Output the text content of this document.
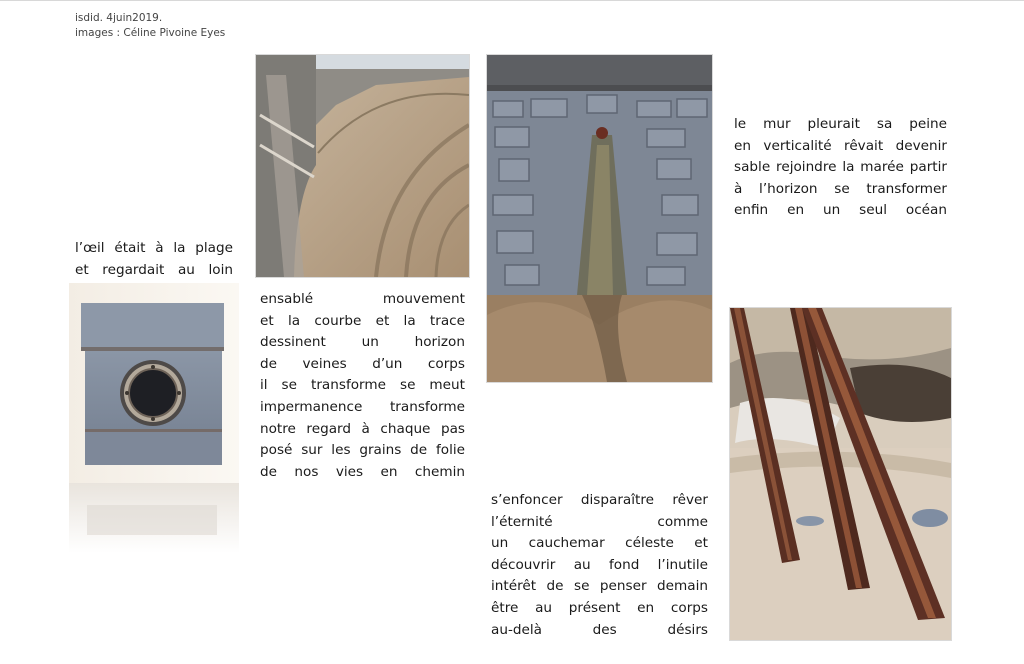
isdid. 4juin2019.
images : Céline Pivoine Eyes
l’œil était à la plage
et regardait au loin
ensablé mouvement
et la courbe et la trace
dessinent un horizon
de veines d’un corps
il se transforme se meut
impermanence transforme
notre regard à chaque pas
posé sur les grains de folie
de nos vies en chemin
le mur pleurait sa peine
en verticalité rêvait devenir
sable rejoindre la marée partir
à l’horizon se transformer
enfin en un seul océan
s’enfoncer disparaître rêver
l’éternité comme
un cauchemar céleste et
découvrir au fond l’inutile
intérêt de se penser demain
être au présent en corps
au-delà des désirs
